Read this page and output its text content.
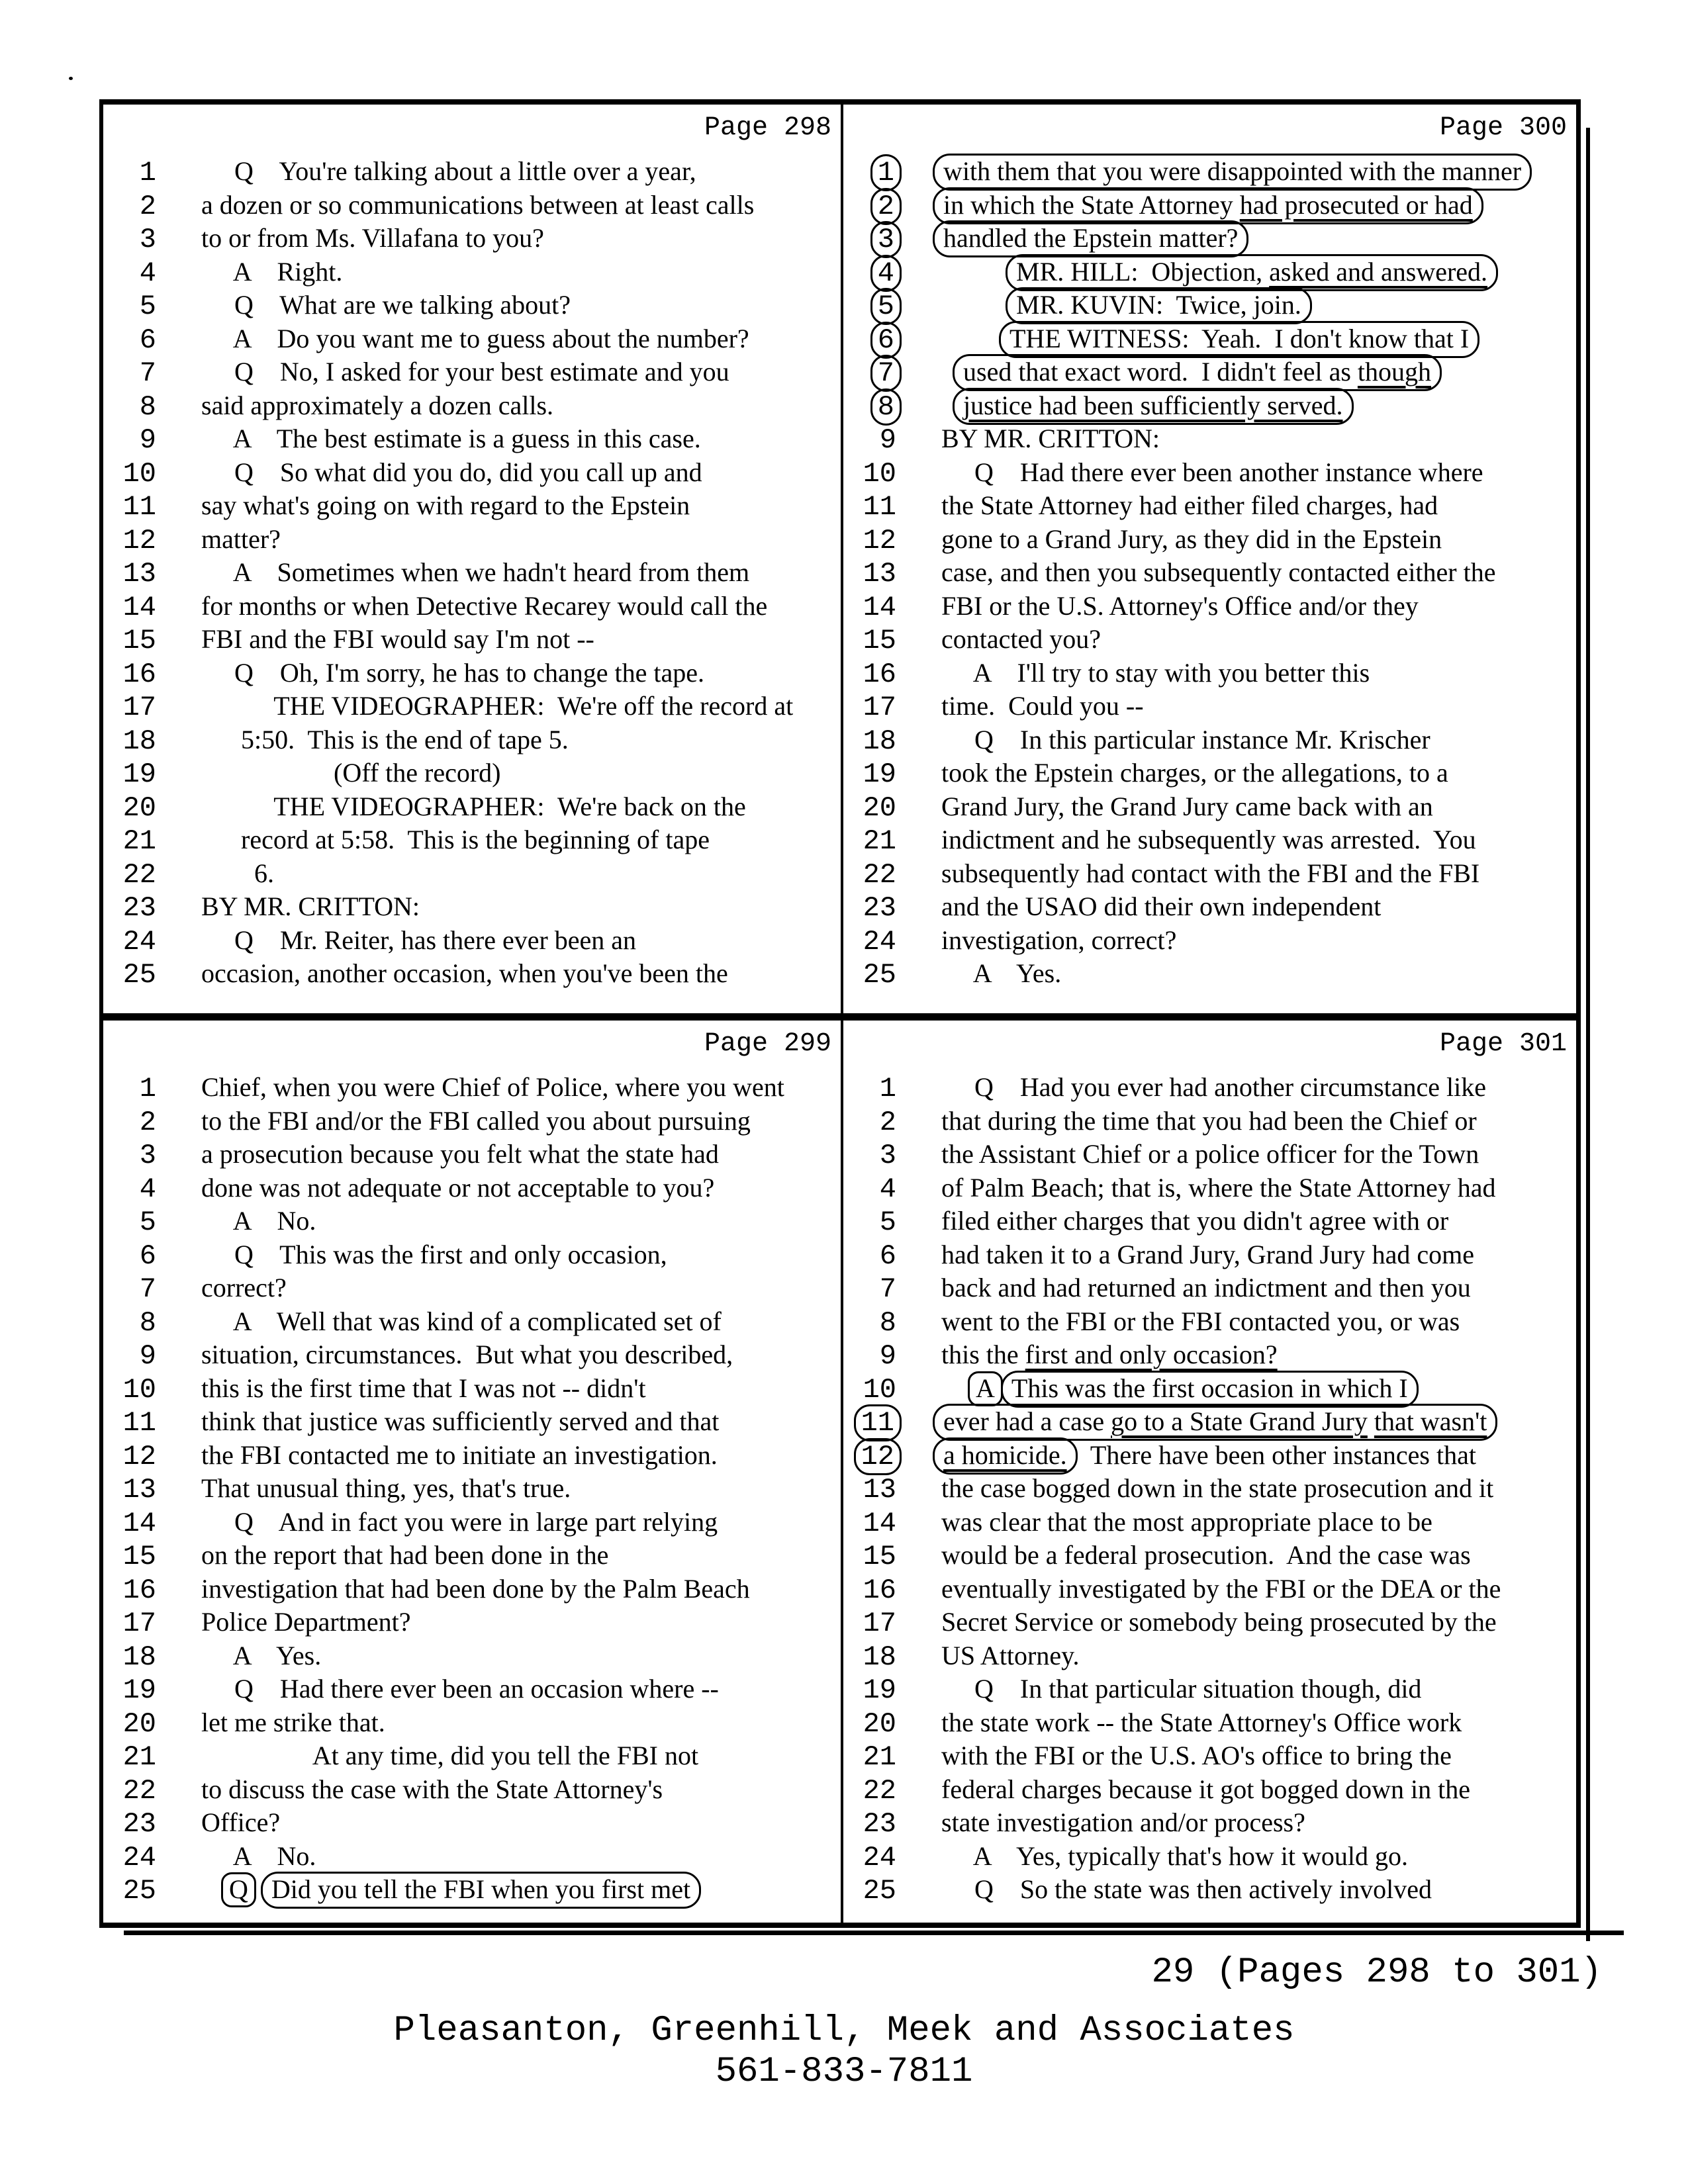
Page 298
1     Q    You're talking about a little over a year,
2 a dozen or so communications between at least calls
3 to or from Ms. Villafana to you?
4     A    Right.
5     Q    What are we talking about?
6     A    Do you want me to guess about the number?
7     Q    No, I asked for your best estimate and you
8 said approximately a dozen calls.
9     A    The best estimate is a guess in this case.
10     Q    So what did you do, did you call up and
11 say what's going on with regard to the Epstein
12 matter?
13     A    Sometimes when we hadn't heard from them
14 for months or when Detective Recarey would call the
15 FBI and the FBI would say I'm not --
16     Q    Oh, I'm sorry, he has to change the tape.
17           THE VIDEOGRAPHER:  We're off the record at
18      5:50.  This is the end of tape 5.
19                    (Off the record)
20           THE VIDEOGRAPHER:  We're back on the
21      record at 5:58.  This is the beginning of tape
22        6.
23 BY MR. CRITTON:
24     Q    Mr. Reiter, has there ever been an
25 occasion, another occasion, when you've been the
Page 300
1 with them that you were disappointed with the manner
2 in which the State Attorney had prosecuted or had
3 handled the Epstein matter?
4	MR. HILL:  Objection, asked and answered.
5	MR. KUVIN:  Twice, join.
6	THE WITNESS:  Yeah.  I don't know that I
7	used that exact word.  I didn't feel as though
8	justice had been sufficiently served.
9 BY MR. CRITTON:
10     Q    Had there ever been another instance where
11 the State Attorney had either filed charges, had
12 gone to a Grand Jury, as they did in the Epstein
13 case, and then you subsequently contacted either the
14 FBI or the U.S. Attorney's Office and/or they
15 contacted you?
16     A    I'll try to stay with you better this
17 time.  Could you --
18     Q    In this particular instance Mr. Krischer
19 took the Epstein charges, or the allegations, to a
20 Grand Jury, the Grand Jury came back with an
21 indictment and he subsequently was arrested.  You
22 subsequently had contact with the FBI and the FBI
23 and the USAO did their own independent
24 investigation, correct?
25     A    Yes.
Page 299
1 Chief, when you were Chief of Police, where you went
2 to the FBI and/or the FBI called you about pursuing
3 a prosecution because you felt what the state had
4 done was not adequate or not acceptable to you?
5     A    No.
6     Q    This was the first and only occasion,
7 correct?
8     A    Well that was kind of a complicated set of
9 situation, circumstances.  But what you described,
10 this is the first time that I was not -- didn't
11 think that justice was sufficiently served and that
12 the FBI contacted me to initiate an investigation.
13 That unusual thing, yes, that's true.
14     Q    And in fact you were in large part relying
15 on the report that had been done in the
16 investigation that had been done by the Palm Beach
17 Police Department?
18     A    Yes.
19     Q    Had there ever been an occasion where --
20 let me strike that.
21                 At any time, did you tell the FBI not
22 to discuss the case with the State Attorney's
23 Office?
24     A    No.
25	Q Did you tell the FBI when you first met
Page 301
1     Q    Had you ever had another circumstance like
2 that during the time that you had been the Chief or
3 the Assistant Chief or a police officer for the Town
4 of Palm Beach; that is, where the State Attorney had
5 filed either charges that you didn't agree with or
6 had taken it to a Grand Jury, Grand Jury had come
7 back and had returned an indictment and then you
8 went to the FBI or the FBI contacted you, or was
9 this the first and only occasion?
10	A This was the first occasion in which I
11 ever had a case go to a State Grand Jury that wasn't
12 a homicide.  There have been other instances that
13 the case bogged down in the state prosecution and it
14 was clear that the most appropriate place to be
15 would be a federal prosecution.  And the case was
16 eventually investigated by the FBI or the DEA or the
17 Secret Service or somebody being prosecuted by the
18 US Attorney.
19     Q    In that particular situation though, did
20 the state work -- the State Attorney's Office work
21 with the FBI or the U.S. AO's office to bring the
22 federal charges because it got bogged down in the
23 state investigation and/or process?
24     A    Yes, typically that's how it would go.
25     Q    So the state was then actively involved
29 (Pages 298 to 301)
Pleasanton, Greenhill, Meek and Associates
561-833-7811
